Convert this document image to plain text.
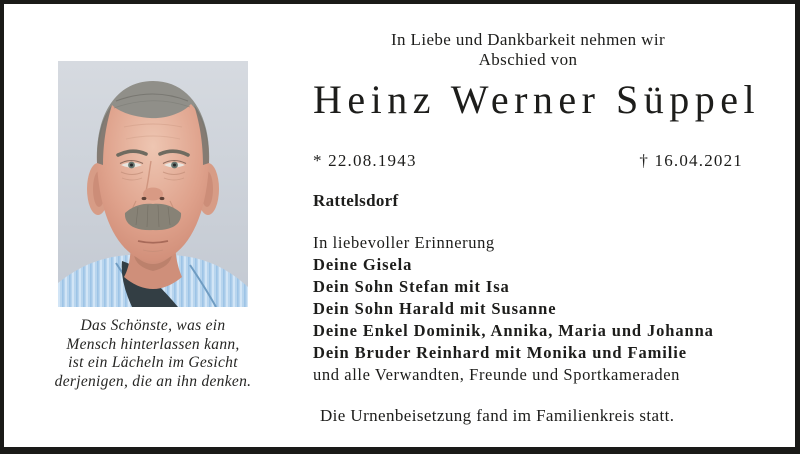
Das Schönste, was ein
Mensch hinterlassen kann,
ist ein Lächeln im Gesicht
derjenigen, die an ihn denken.
In Liebe und Dankbarkeit nehmen wir
Abschied von
Heinz Werner Süppel
* 22.08.1943	† 16.04.2021
Rattelsdorf
In liebevoller Erinnerung
Deine Gisela
Dein Sohn Stefan mit Isa
Dein Sohn Harald mit Susanne
Deine Enkel Dominik, Annika, Maria und Johanna
Dein Bruder Reinhard mit Monika und Familie
und alle Verwandten, Freunde und Sportkameraden
Die Urnenbeisetzung fand im Familienkreis statt.
